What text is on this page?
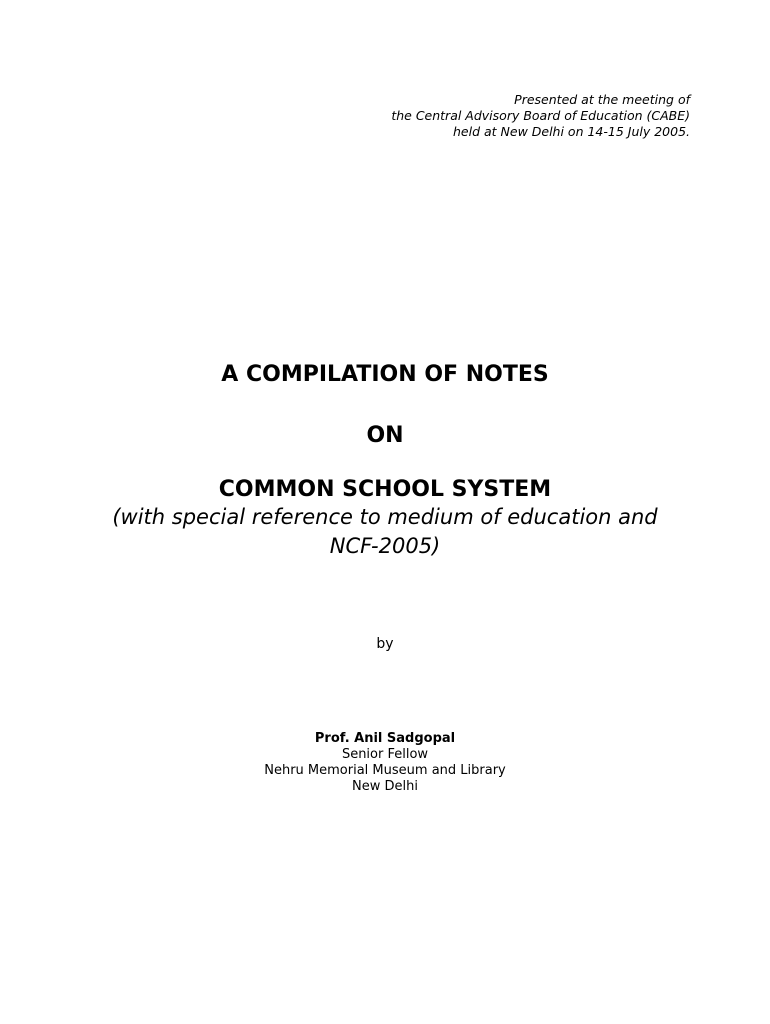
Presented at the meeting of
the Central Advisory Board of Education (CABE)
held at New Delhi on 14-15 July 2005.
A COMPILATION OF NOTES
ON
COMMON SCHOOL SYSTEM
(with special reference to medium of education and
NCF-2005)
by
Prof. Anil Sadgopal
Senior Fellow
Nehru Memorial Museum and Library
New Delhi
